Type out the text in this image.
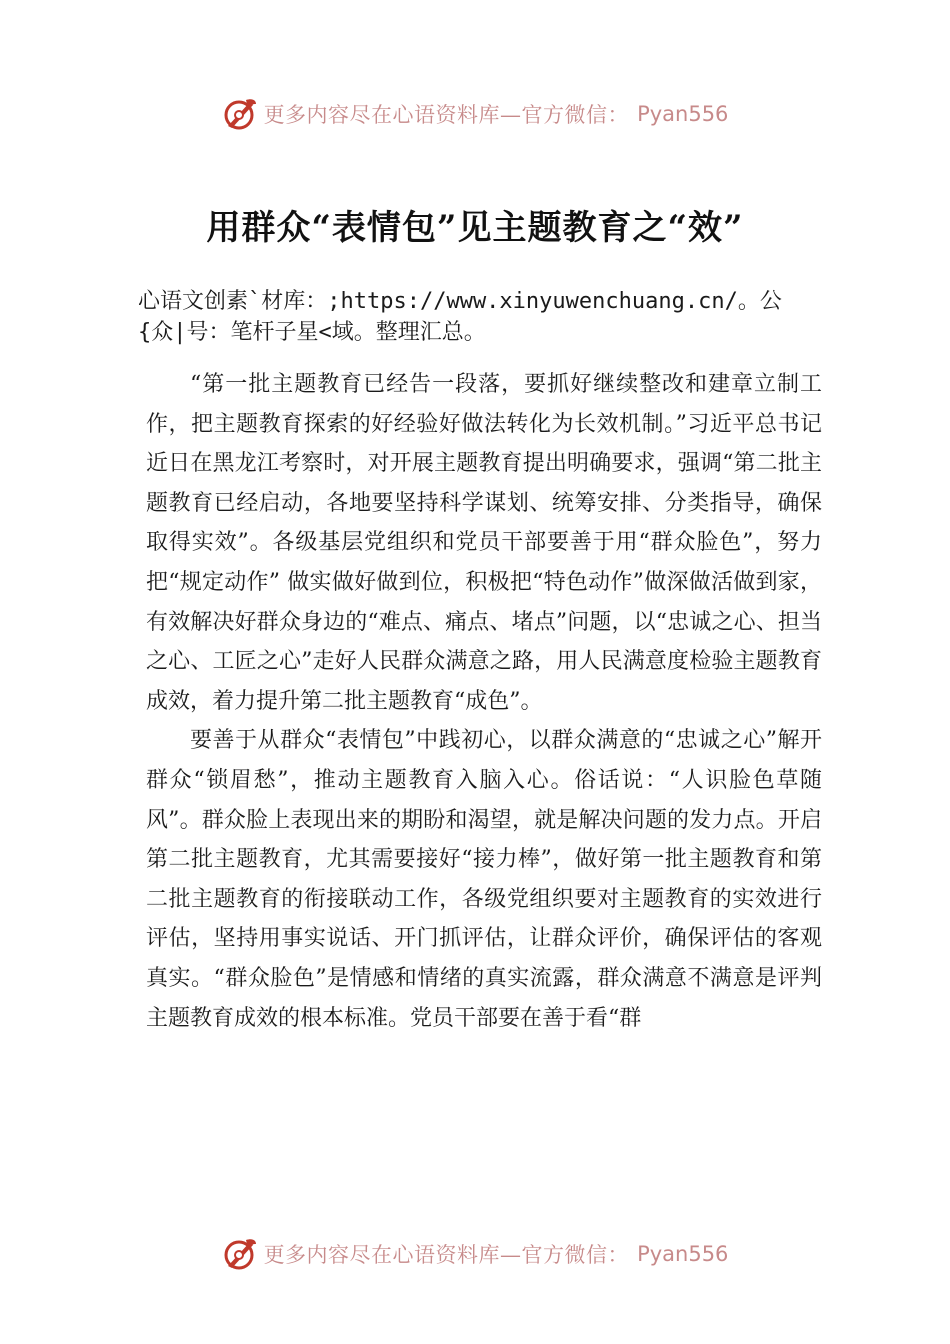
更多内容尽在心语资料库—官方微信： Pyan556
用群众“表情包”见主题教育之“效”
心语文创素`材库：;https://www.xinyuwenchuang.cn/。公{众|号：笔杆子星<域。整理汇总。

“第一批主题教育已经告一段落，要抓好继续整改和建章立制工作，把主题教育探索的好经验好做法转化为长效机制。”习近平总书记近日在黑龙江考察时，对开展主题教育提出明确要求，强调“第二批主题教育已经启动，各地要坚持科学谋划、统筹安排、分类指导，确保取得实效”。各级基层党组织和党员干部要善于用“群众脸色”，努力把“规定动作” 做实做好做到位，积极把“特色动作”做深做活做到家，有效解决好群众身边的“难点、痛点、堵点”问题，以“忠诚之心、担当之心、工匠之心”走好人民群众满意之路，用人民满意度检验主题教育成效，着力提升第二批主题教育“成色”。

要善于从群众“表情包”中践初心，以群众满意的“忠诚之心”解开群众“锁眉愁”，推动主题教育入脑入心。俗话说：“人识脸色草随风”。群众脸上表现出来的期盼和渴望，就是解决问题的发力点。开启第二批主题教育，尤其需要接好“接力棒”，做好第一批主题教育和第二批主题教育的衔接联动工作，各级党组织要对主题教育的实效进行评估，坚持用事实说话、开门抓评估，让群众评价，确保评估的客观真实。“群众脸色”是情感和情绪的真实流露，群众满意不满意是评判主题教育成效的根本标准。党员干部要在善于看“群

更多内容尽在心语资料库—官方微信： Pyan556
